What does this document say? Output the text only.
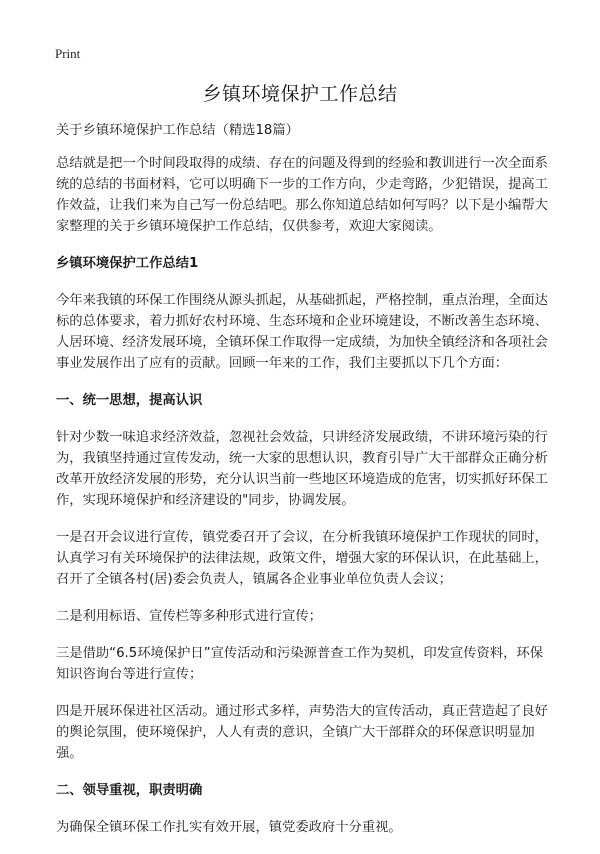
Print
乡镇环境保护工作总结

关于乡镇环境保护工作总结（精选18篇）

总结就是把一个时间段取得的成绩、存在的问题及得到的经验和教训进行一次全面系统的总结的书面材料，它可以明确下一步的工作方向，少走弯路，少犯错误，提高工作效益，让我们来为自己写一份总结吧。那么你知道总结如何写吗？以下是小编帮大家整理的关于乡镇环境保护工作总结，仅供参考，欢迎大家阅读。

乡镇环境保护工作总结1

今年来我镇的环保工作围绕从源头抓起，从基础抓起，严格控制，重点治理，全面达标的总体要求，着力抓好农村环境、生态环境和企业环境建设，不断改善生态环境、人居环境、经济发展环境，全镇环保工作取得一定成绩，为加快全镇经济和各项社会事业发展作出了应有的贡献。回顾一年来的工作，我们主要抓以下几个方面：

一、统一思想，提高认识

针对少数一味追求经济效益，忽视社会效益，只讲经济发展政绩，不讲环境污染的行为，我镇坚持通过宣传发动，统一大家的思想认识，教育引导广大干部群众正确分析改革开放经济发展的形势，充分认识当前一些地区环境造成的危害，切实抓好环保工作，实现环境保护和经济建设的"同步，协调发展。

一是召开会议进行宣传，镇党委召开了会议，在分析我镇环境保护工作现状的同时，认真学习有关环境保护的法律法规，政策文件，增强大家的环保认识，在此基础上，召开了全镇各村(居)委会负责人，镇属各企业事业单位负责人会议；

二是利用标语、宣传栏等多种形式进行宣传；

三是借助“6.5环境保护日”宣传活动和污染源普查工作为契机，印发宣传资料，环保知识咨询台等进行宣传；

四是开展环保进社区活动。通过形式多样，声势浩大的宣传活动，真正营造起了良好的舆论氛围，使环境保护，人人有责的意识，全镇广大干部群众的环保意识明显加强。

二、领导重视，职责明确

为确保全镇环保工作扎实有效开展，镇党委政府十分重视。
